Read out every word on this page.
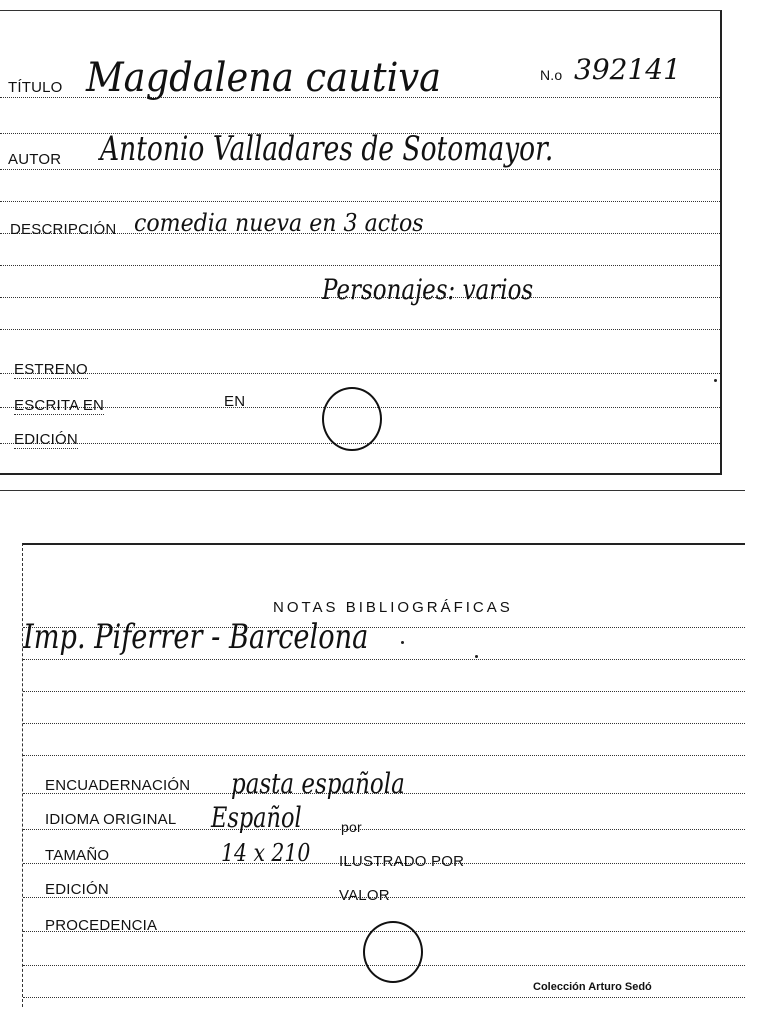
TÍTULO Magdalena cautiva	N.o 392141
AUTOR Antonio Valladares de Sotomayor.
DESCRIPCIÓN comedia nueva en 3 actos
Personajes: varios
ESTRENO
ESCRITA EN	EN
EDICIÓN
NOTAS BIBLIOGRÁFICAS
Imp. Piferrer - Barcelona
ENCUADERNACIÓN pasta española
IDIOMA ORIGINAL Español	por
TAMAÑO	14 x 210 ILUSTRADO POR
EDICIÓN	VALOR
PROCEDENCIA
Colección Arturo Sedó
